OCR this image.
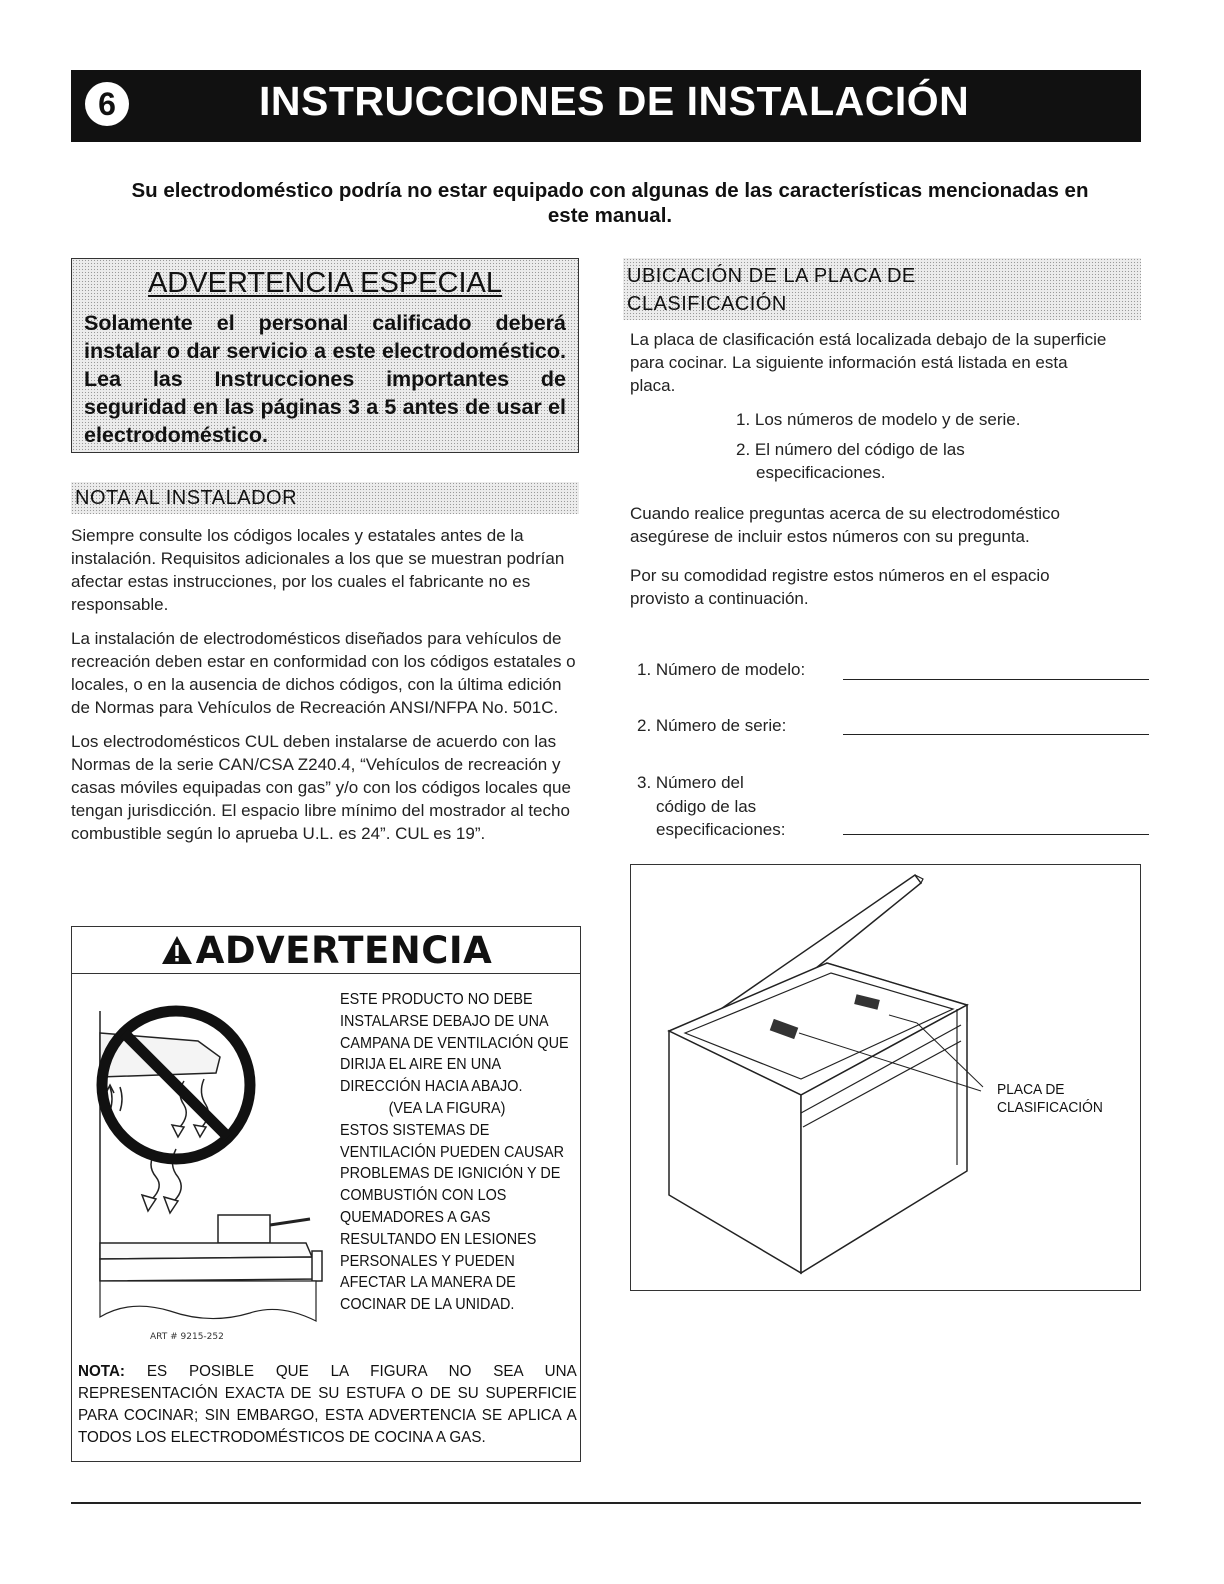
6	INSTRUCCIONES DE INSTALACIÓN
Su electrodoméstico podría no estar equipado con algunas de las características mencionadas en este manual.
ADVERTENCIA ESPECIAL
Solamente el personal calificado deberá instalar o dar servicio a este electrodoméstico. Lea las Instrucciones importantes de seguridad en las páginas 3 a 5 antes de usar el electrodoméstico.
NOTA AL INSTALADOR

Siempre consulte los códigos locales y estatales antes de la instalación. Requisitos adicionales a los que se muestran podrían afectar estas instrucciones, por los cuales el fabricante no es responsable.

La instalación de electrodomésticos diseñados para vehículos de recreación deben estar en conformidad con los códigos estatales o locales, o en la ausencia de dichos códigos, con la última edición de Normas para Vehículos de Recreación ANSI/NFPA No. 501C.

Los electrodomésticos CUL deben instalarse de acuerdo con las Normas de la serie CAN/CSA Z240.4, “Vehículos de recreación y casas móviles equipadas con gas” y/o con los códigos locales que tengan jurisdicción. El espacio libre mínimo del mostrador al techo combustible según lo aprueba U.L. es 24”. CUL es 19”.

ADVERTENCIA
ART # 9215-252
ESTE PRODUCTO NO DEBE INSTALARSE DEBAJO DE UNA CAMPANA DE VENTILACIÓN QUE DIRIJA EL AIRE EN UNA DIRECCIÓN HACIA ABAJO.
(VEA LA FIGURA)
ESTOS SISTEMAS DE VENTILACIÓN PUEDEN CAUSAR PROBLEMAS DE IGNICIÓN Y DE COMBUSTIÓN CON LOS QUEMADORES A GAS RESULTANDO EN LESIONES PERSONALES Y PUEDEN AFECTAR LA MANERA DE COCINAR DE LA UNIDAD.
NOTA: ES POSIBLE QUE LA FIGURA NO SEA UNA REPRESENTACIÓN EXACTA DE SU ESTUFA O DE SU SUPERFICIE PARA COCINAR; SIN EMBARGO, ESTA ADVERTENCIA SE APLICA A TODOS LOS ELECTRODOMÉSTICOS DE COCINA A GAS.
UBICACIÓN DE LA PLACA DE
CLASIFICACIÓN
La placa de clasificación está localizada debajo de la superficie para cocinar. La siguiente información está listada en esta placa.
1. Los números de modelo y de serie.
2. El número del código de las
especificaciones.
Cuando realice preguntas acerca de su electrodoméstico asegúrese de incluir estos números con su pregunta.
Por su comodidad registre estos números en el espacio provisto a continuación.
1. Número de modelo:
2. Número de serie:
3. Número del
código de las
especificaciones:
PLACA DE
CLASIFICACIÓN
